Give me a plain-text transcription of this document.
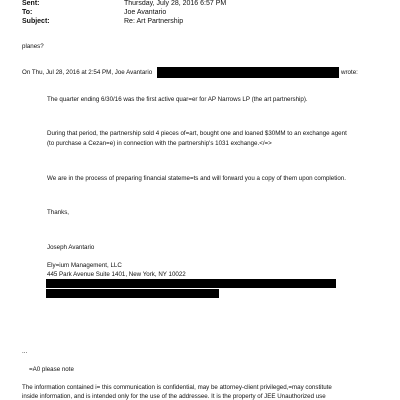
Sent:	Thursday, July 28, 2016 6:57 PM
To:	Joe Avantario
Subject:	Re: Art Partnership
planes?
On Thu, Jul 28, 2016 at 2:54 PM, Joe Avantario	wrote:
The quarter ending 6/30/16 was the first active quar=er for AP Narrows LP (the art partnership).
During that period, the partnership sold 4 pieces of=art, bought one and loaned $30MM to an exchange agent
(to purchase a Cezan=e) in connection with the partnership's 1031 exchange.</=>
We are in the process of preparing financial stateme=ts and will forward you a copy of them upon completion.
Thanks,
Joseph Avantario
Ely=ium Management, LLC
445 Park Avenue Suite 1401, New York, NY 10022
...
=A0 please note
The information contained i= this communication is confidential, may be attorney-client privileged,=may constitute
inside information, and is intended only for the use of the addressee. It is the property of JEE Unauthorized use
